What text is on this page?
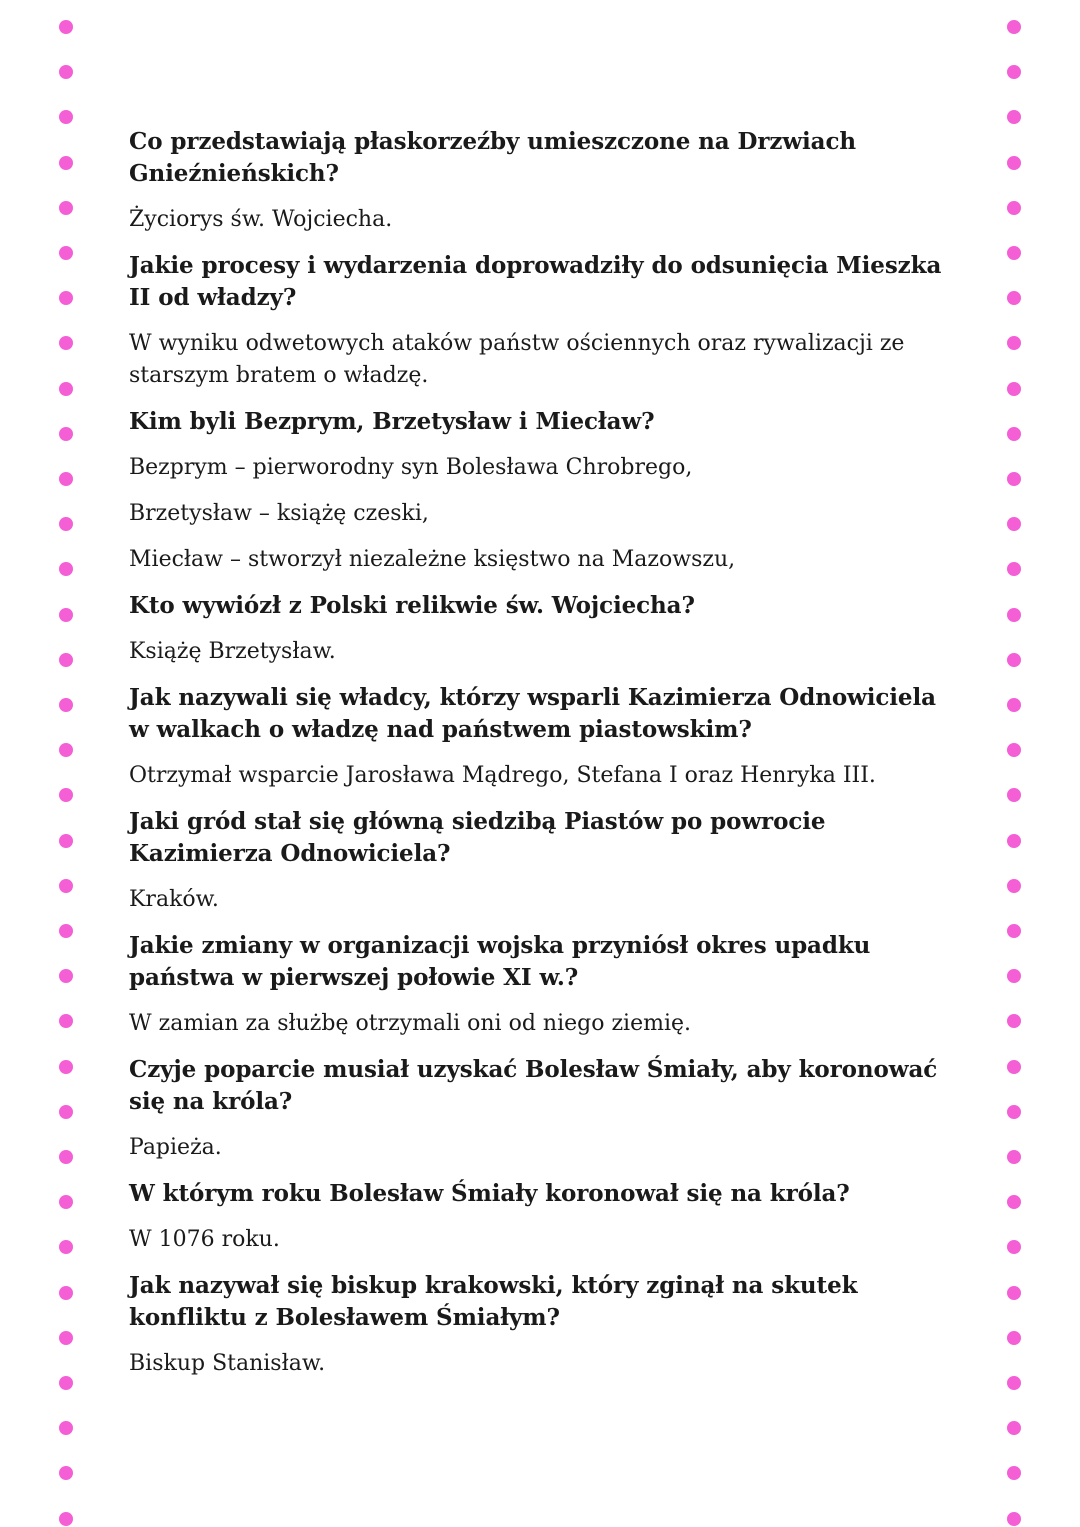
Co przedstawiają płaskorzeźby umieszczone na Drzwiach Gnieźnieńskich?

Życiorys św. Wojciecha.

Jakie procesy i wydarzenia doprowadziły do odsunięcia Mieszka II od władzy?

W wyniku odwetowych ataków państw ościennych oraz rywalizacji ze starszym bratem o władzę.

Kim byli Bezprym, Brzetysław i Miecław?

Bezprym – pierworodny syn Bolesława Chrobrego,

Brzetysław – książę czeski,

Miecław – stworzył niezależne księstwo na Mazowszu,

Kto wywiózł z Polski relikwie św. Wojciecha?

Książę Brzetysław.

Jak nazywali się władcy, którzy wsparli Kazimierza Odnowiciela w walkach o władzę nad państwem piastowskim?

Otrzymał wsparcie Jarosława Mądrego, Stefana I oraz Henryka III.

Jaki gród stał się główną siedzibą Piastów po powrocie Kazimierza Odnowiciela?

Kraków.

Jakie zmiany w organizacji wojska przyniósł okres upadku państwa w pierwszej połowie XI w.?

W zamian za służbę otrzymali oni od niego ziemię.

Czyje poparcie musiał uzyskać Bolesław Śmiały, aby koronować się na króla?

Papieża.

W którym roku Bolesław Śmiały koronował się na króla?

W 1076 roku.

Jak nazywał się biskup krakowski, który zginął na skutek konfliktu z Bolesławem Śmiałym?

Biskup Stanisław.
